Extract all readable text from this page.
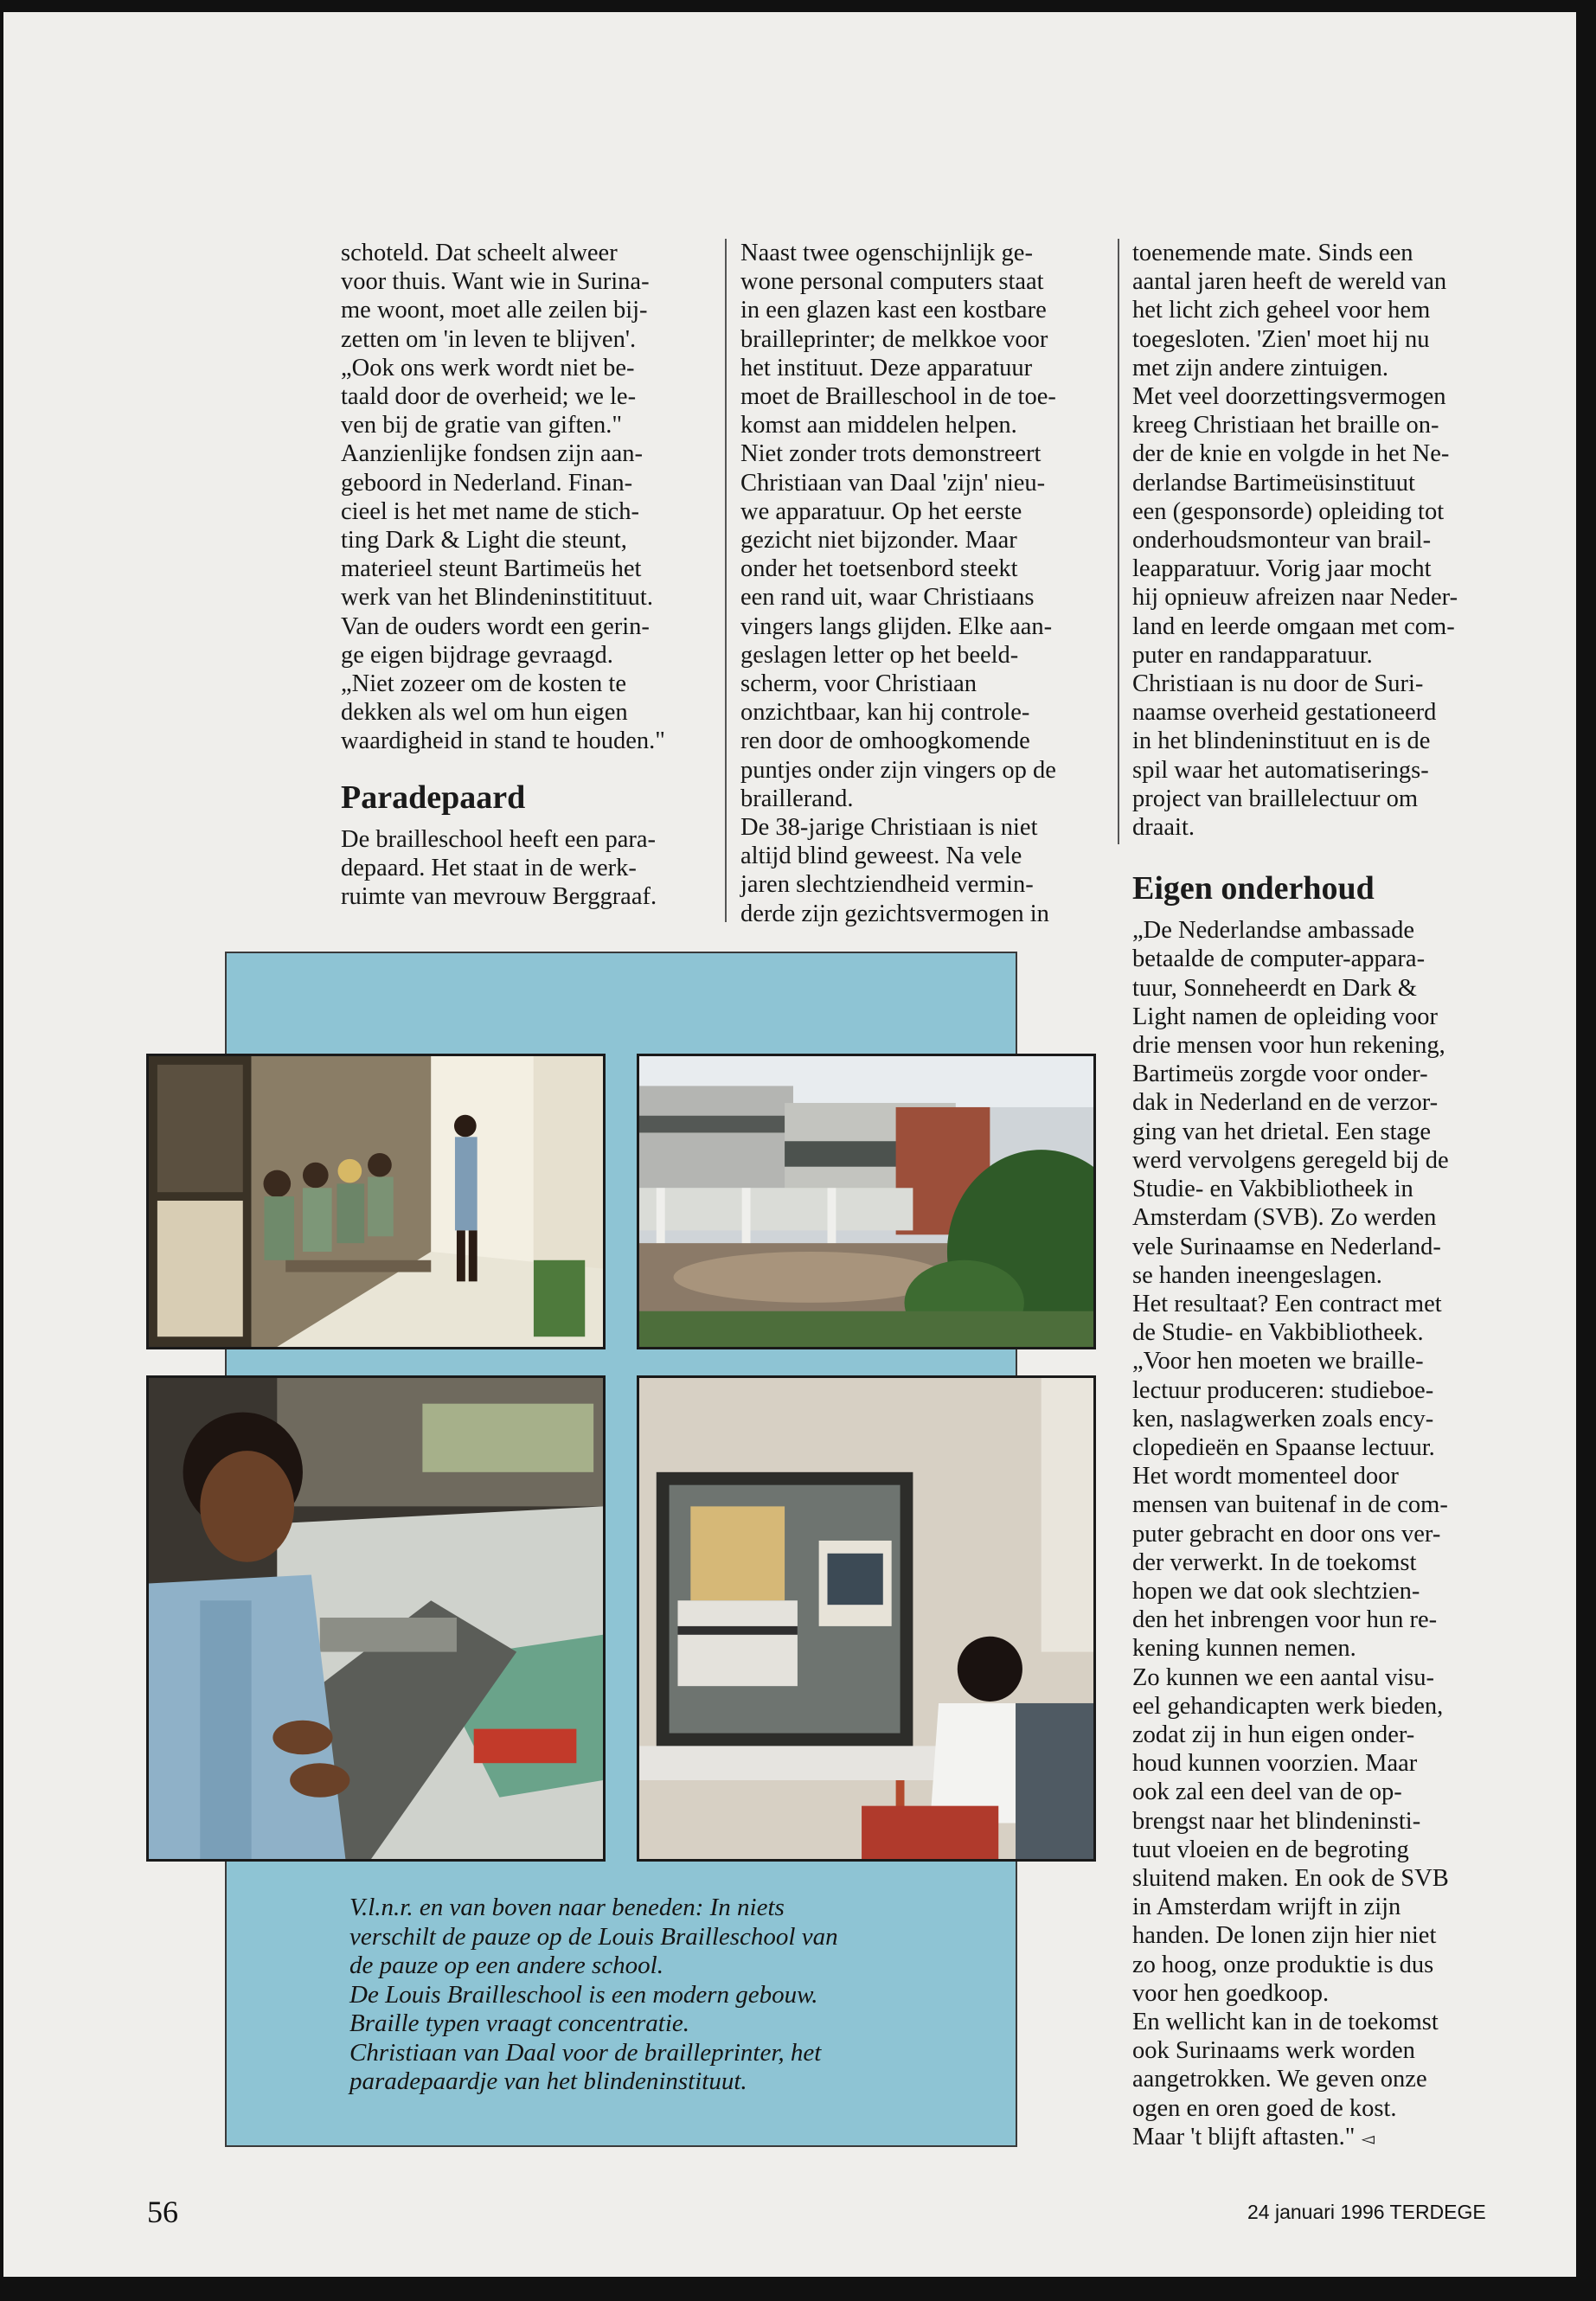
schoteld. Dat scheelt alweer
voor thuis. Want wie in Surina-
me woont, moet alle zeilen bij-
zetten om 'in leven te blijven'.
„Ook ons werk wordt niet be-
taald door de overheid; we le-
ven bij de gratie van giften."
Aanzienlijke fondsen zijn aan-
geboord in Nederland. Finan-
cieel is het met name de stich-
ting Dark & Light die steunt,
materieel steunt Bartimeüs het
werk van het Blindeninstitituut.
Van de ouders wordt een gerin-
ge eigen bijdrage gevraagd.
„Niet zozeer om de kosten te
dekken als wel om hun eigen
waardigheid in stand te houden."

Paradepaard

De brailleschool heeft een para-
depaard. Het staat in de werk-
ruimte van mevrouw Berggraaf.

Naast twee ogenschijnlijk ge-
wone personal computers staat
in een glazen kast een kostbare
brailleprinter; de melkkoe voor
het instituut. Deze apparatuur
moet de Brailleschool in de toe-
komst aan middelen helpen.
Niet zonder trots demonstreert
Christiaan van Daal 'zijn' nieu-
we apparatuur. Op het eerste
gezicht niet bijzonder. Maar
onder het toetsenbord steekt
een rand uit, waar Christiaans
vingers langs glijden. Elke aan-
geslagen letter op het beeld-
scherm, voor Christiaan
onzichtbaar, kan hij controle-
ren door de omhoogkomende
puntjes onder zijn vingers op de
braillerand.
De 38-jarige Christiaan is niet
altijd blind geweest. Na vele
jaren slechtziendheid vermin-
derde zijn gezichtsvermogen in

toenemende mate. Sinds een
aantal jaren heeft de wereld van
het licht zich geheel voor hem
toegesloten. 'Zien' moet hij nu
met zijn andere zintuigen.
Met veel doorzettingsvermogen
kreeg Christiaan het braille on-
der de knie en volgde in het Ne-
derlandse Bartimeüsinstituut
een (gesponsorde) opleiding tot
onderhoudsmonteur van brail-
leapparatuur. Vorig jaar mocht
hij opnieuw afreizen naar Neder-
land en leerde omgaan met com-
puter en randapparatuur.
Christiaan is nu door de Suri-
naamse overheid gestationeerd
in het blindeninstituut en is de
spil waar het automatiserings-
project van braillelectuur om
draait.

Eigen onderhoud

„De Nederlandse ambassade
betaalde de computer-appara-
tuur, Sonneheerdt en Dark &
Light namen de opleiding voor
drie mensen voor hun rekening,
Bartimeüs zorgde voor onder-
dak in Nederland en de verzor-
ging van het drietal. Een stage
werd vervolgens geregeld bij de
Studie- en Vakbibliotheek in
Amsterdam (SVB). Zo werden
vele Surinaamse en Nederland-
se handen ineengeslagen.
Het resultaat? Een contract met
de Studie- en Vakbibliotheek.
„Voor hen moeten we braille-
lectuur produceren: studieboe-
ken, naslagwerken zoals ency-
clopedieën en Spaanse lectuur.
Het wordt momenteel door
mensen van buitenaf in de com-
puter gebracht en door ons ver-
der verwerkt. In de toekomst
hopen we dat ook slechtzien-
den het inbrengen voor hun re-
kening kunnen nemen.
Zo kunnen we een aantal visu-
eel gehandicapten werk bieden,
zodat zij in hun eigen onder-
houd kunnen voorzien. Maar
ook zal een deel van de op-
brengst naar het blindeninsti-
tuut vloeien en de begroting
sluitend maken. En ook de SVB
in Amsterdam wrijft in zijn
handen. De lonen zijn hier niet
zo hoog, onze produktie is dus
voor hen goedkoop.
En wellicht kan in de toekomst
ook Surinaams werk worden
aangetrokken. We geven onze
ogen en oren goed de kost.
Maar 't blijft aftasten." ◅

V.l.n.r. en van boven naar beneden: In niets
verschilt de pauze op de Louis Brailleschool van
de pauze op een andere school.
De Louis Brailleschool is een modern gebouw.
Braille typen vraagt concentratie.
Christiaan van Daal voor de brailleprinter, het
paradepaardje van het blindeninstituut.

56	24 januari 1996 TERDEGE
